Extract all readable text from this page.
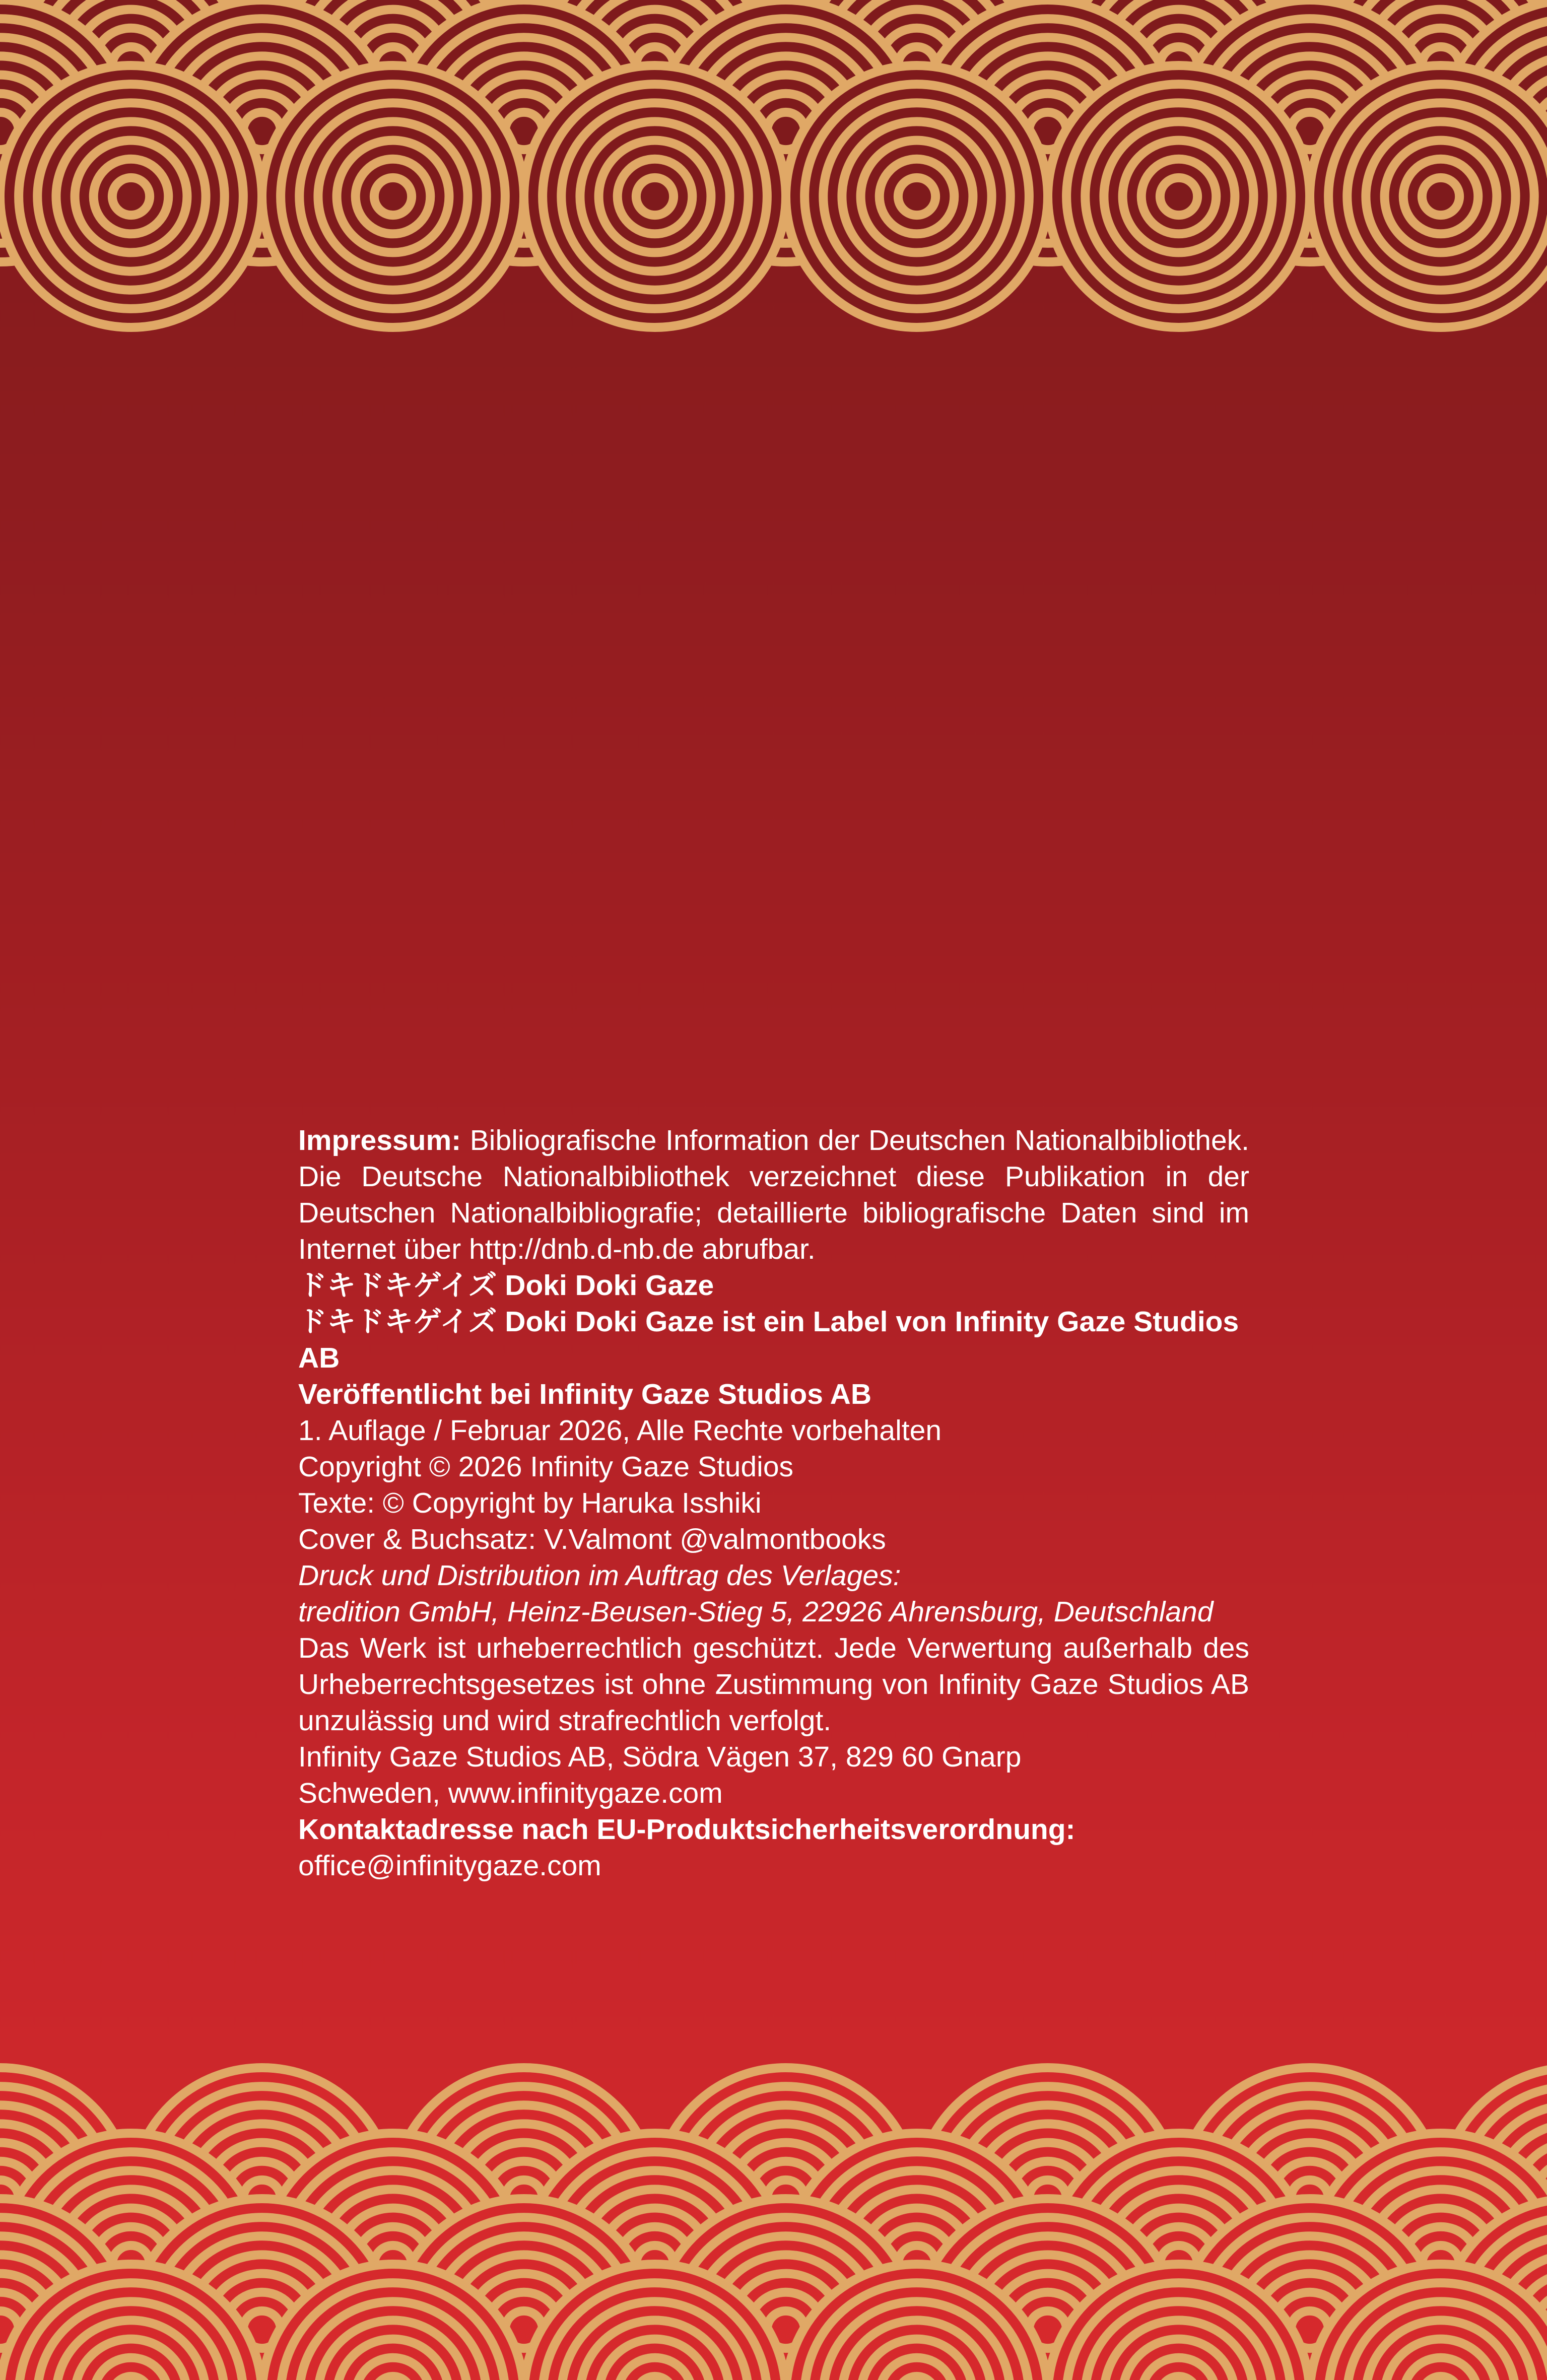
Impressum: Bibliografische Information der Deutschen Nationalbibliothek. Die Deutsche Nationalbibliothek verzeichnet diese Publikation in der Deutschen Nationalbibliografie; detaillierte bibliografische Daten sind im Internet über http://dnb.d-nb.de abrufbar.

ドキドキゲイズ Doki Doki Gaze

ドキドキゲイズ Doki Doki Gaze ist ein Label von Infinity Gaze Studios AB

Veröffentlicht bei Infinity Gaze Studios AB

1. Auflage / Februar 2026, Alle Rechte vorbehalten

Copyright © 2026 Infinity Gaze Studios

Texte: © Copyright by Haruka Isshiki

Cover & Buchsatz: V.Valmont @valmontbooks

Druck und Distribution im Auftrag des Verlages:

tredition GmbH, Heinz-Beusen-Stieg 5, 22926 Ahrensburg, Deutschland

Das Werk ist urheberrechtlich geschützt. Jede Verwertung außerhalb des Urheberrechtsgesetzes ist ohne Zustimmung von Infinity Gaze Studios AB unzulässig und wird strafrechtlich verfolgt.

Infinity Gaze Studios AB, Södra Vägen 37, 829 60 Gnarp Schweden, www.infinitygaze.com

Kontaktadresse nach EU-Produktsicherheitsverordnung:

office@infinitygaze.com
